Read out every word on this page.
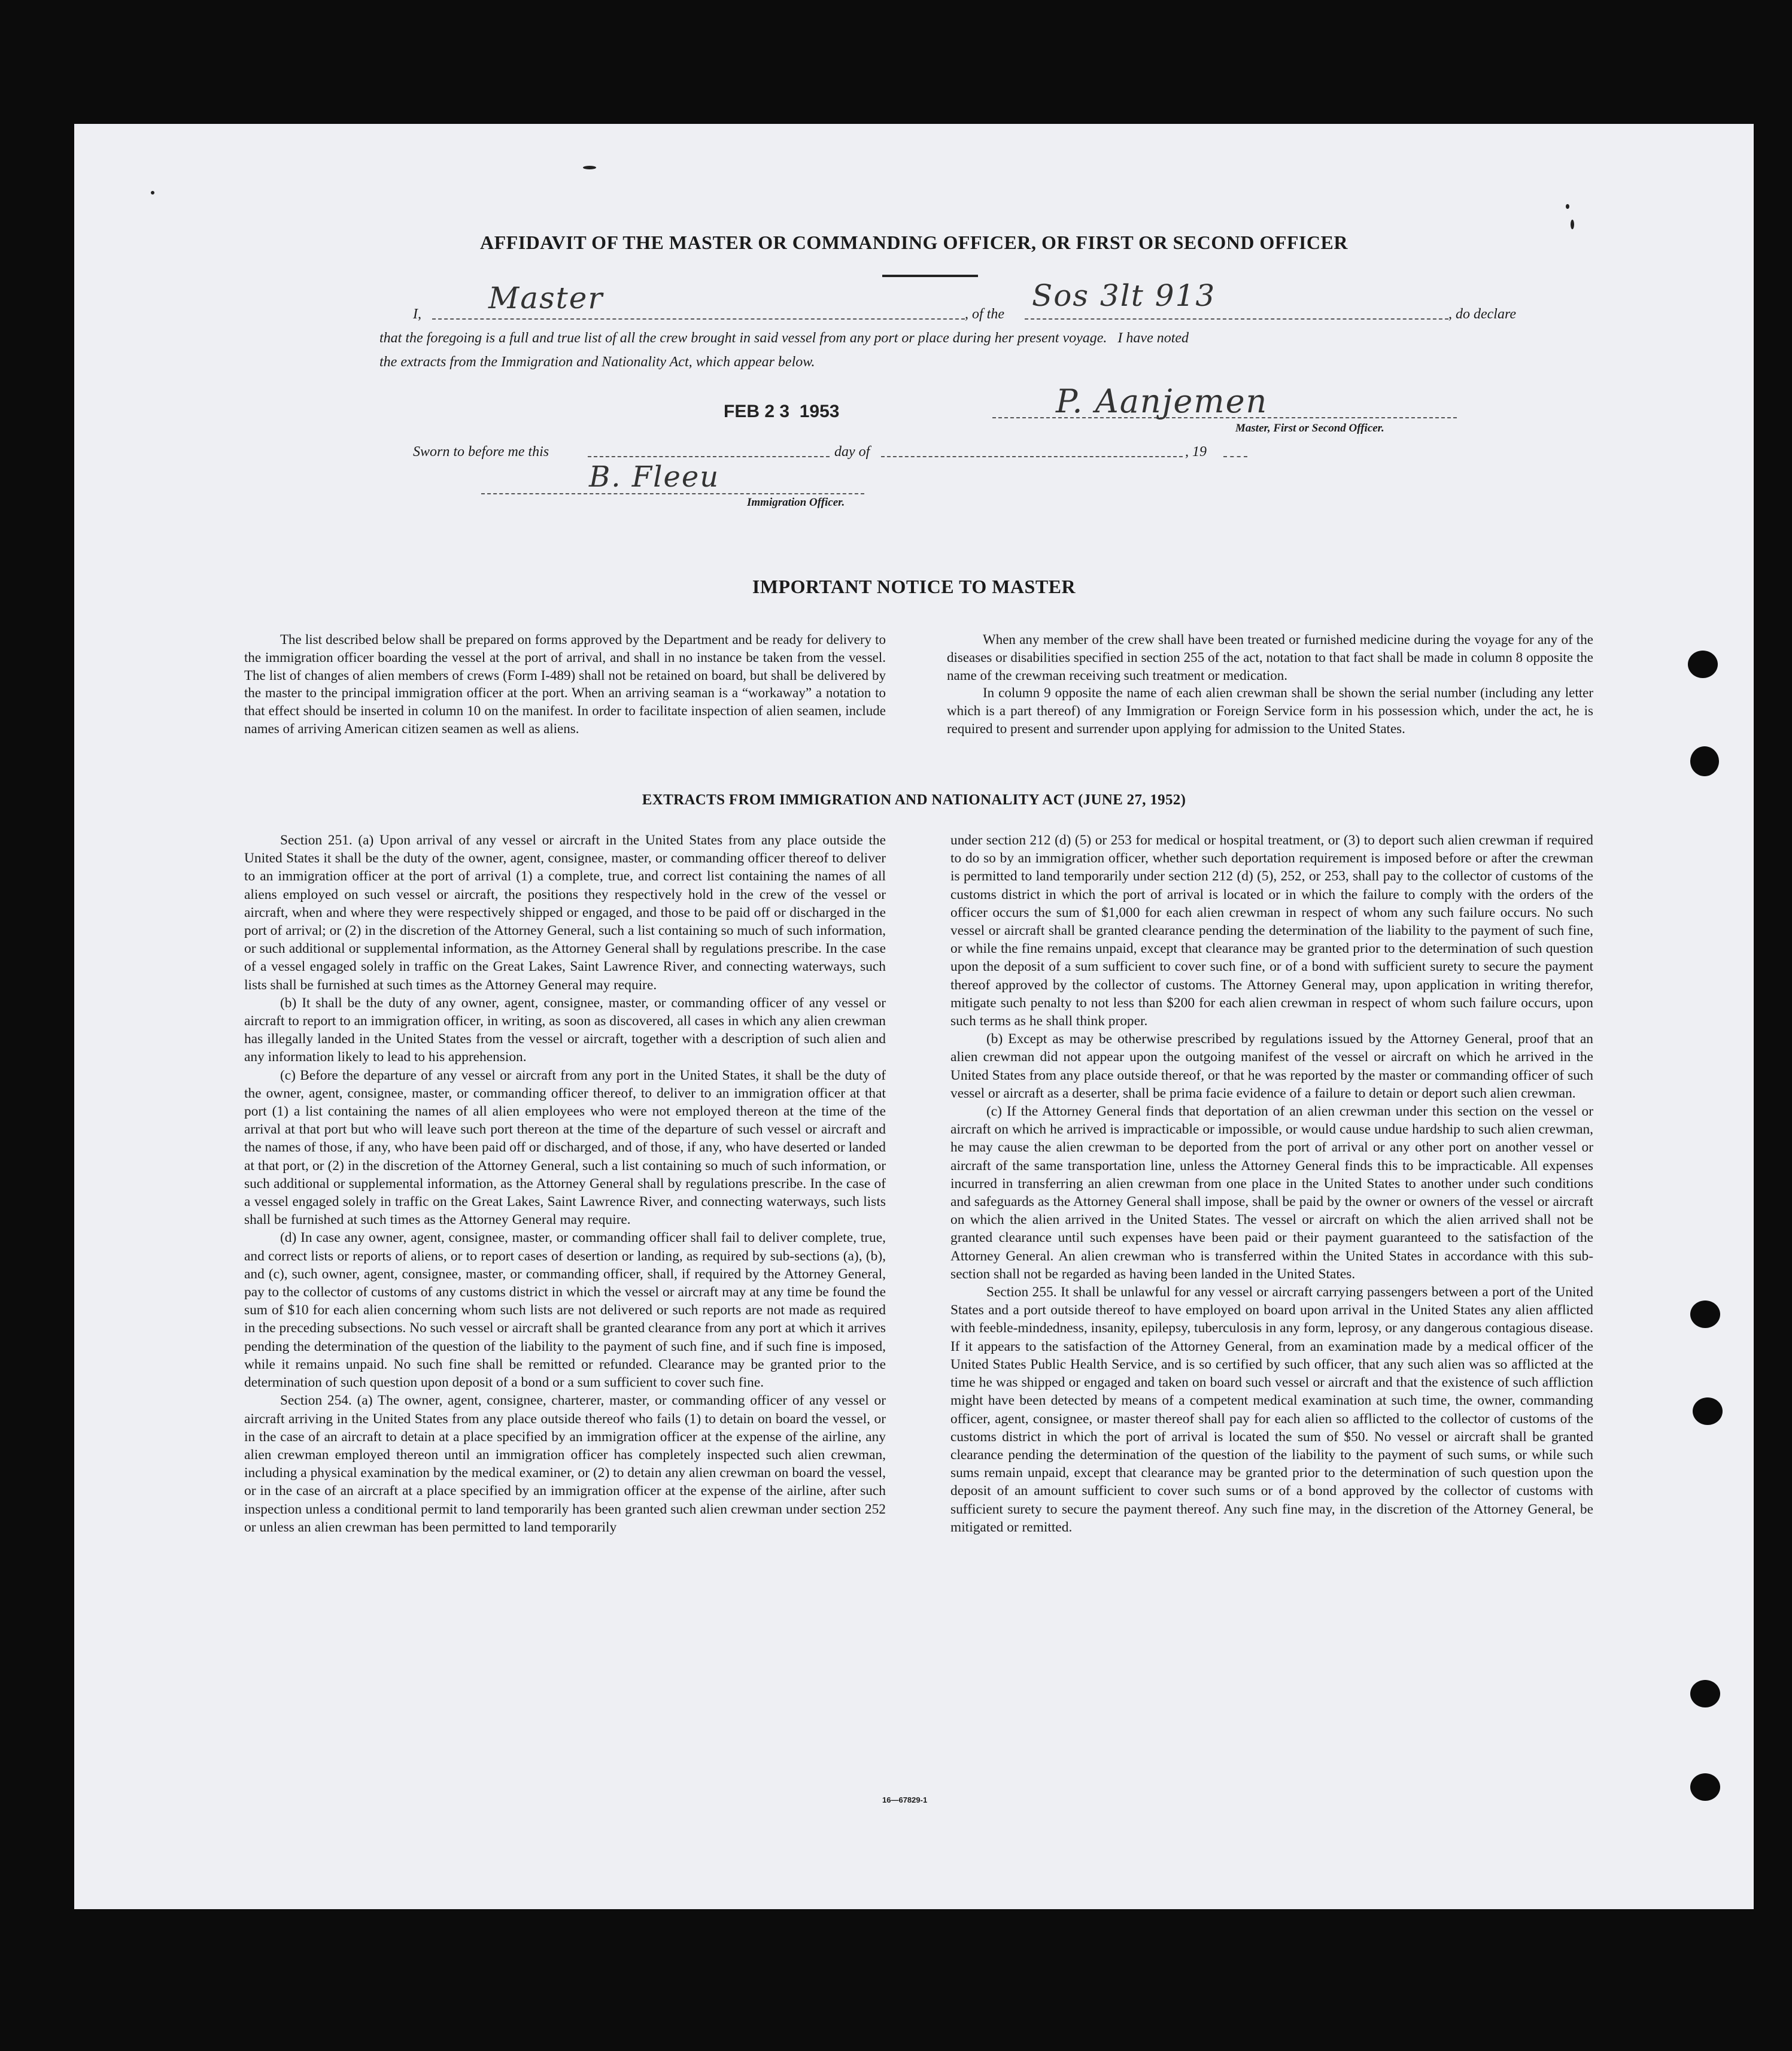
AFFIDAVIT OF THE MASTER OR COMMANDING OFFICER, OR FIRST OR SECOND OFFICER
I, Master	, of the
Sos 3lt 913
, do declare
that the foregoing is a full and true list of all the crew brought in said vessel from any port or place during her present voyage.   I have noted
the extracts from the Immigration and Nationality Act, which appear below.
FEB 2 3  1953	P. Aanjemen
Master, First or Second Officer.
Sworn to before me this	day of	, 19
B. Fleeu
Immigration Officer.
IMPORTANT NOTICE TO MASTER

The list described below shall be prepared on forms approved by the Department and be ready for delivery to the immigration officer boarding the vessel at the port of arrival, and shall in no instance be taken from the vessel. The list of changes of alien members of crews (Form I-489) shall not be retained on board, but shall be delivered by the master to the principal immigration officer at the port. When an arriving seaman is a “workaway” a notation to that effect should be inserted in column 10 on the manifest. In order to facilitate inspection of alien seamen, include names of arriving American citizen seamen as well as aliens.

When any member of the crew shall have been treated or furnished medicine during the voyage for any of the diseases or disabilities specified in section 255 of the act, notation to that fact shall be made in column 8 opposite the name of the crewman receiving such treatment or medication.

In column 9 opposite the name of each alien crewman shall be shown the serial number (including any letter which is a part thereof) of any Immigration or Foreign Service form in his possession which, under the act, he is required to present and surrender upon applying for admission to the United States.

EXTRACTS FROM IMMIGRATION AND NATIONALITY ACT (JUNE 27, 1952)

Section 251. (a) Upon arrival of any vessel or aircraft in the United States from any place outside the United States it shall be the duty of the owner, agent, consignee, master, or commanding officer thereof to deliver to an immigration officer at the port of arrival (1) a complete, true, and correct list containing the names of all aliens employed on such vessel or aircraft, the positions they respectively hold in the crew of the vessel or aircraft, when and where they were respectively shipped or engaged, and those to be paid off or discharged in the port of arrival; or (2) in the discretion of the Attorney General, such a list containing so much of such information, or such additional or supplemental information, as the Attorney General shall by regulations prescribe. In the case of a vessel engaged solely in traffic on the Great Lakes, Saint Lawrence River, and connecting waterways, such lists shall be furnished at such times as the Attorney General may require.

(b) It shall be the duty of any owner, agent, consignee, master, or commanding officer of any vessel or aircraft to report to an immigration officer, in writing, as soon as discovered, all cases in which any alien crewman has illegally landed in the United States from the vessel or aircraft, together with a description of such alien and any information likely to lead to his apprehension.

(c) Before the departure of any vessel or aircraft from any port in the United States, it shall be the duty of the owner, agent, consignee, master, or commanding officer thereof, to deliver to an immigration officer at that port (1) a list containing the names of all alien employees who were not employed thereon at the time of the arrival at that port but who will leave such port thereon at the time of the departure of such vessel or aircraft and the names of those, if any, who have been paid off or discharged, and of those, if any, who have deserted or landed at that port, or (2) in the discretion of the Attorney General, such a list containing so much of such information, or such additional or supplemental information, as the Attorney General shall by regulations prescribe. In the case of a vessel engaged solely in traffic on the Great Lakes, Saint Lawrence River, and connecting waterways, such lists shall be furnished at such times as the Attorney General may require.

(d) In case any owner, agent, consignee, master, or commanding officer shall fail to deliver complete, true, and correct lists or reports of aliens, or to report cases of desertion or landing, as required by sub-sections (a), (b), and (c), such owner, agent, consignee, master, or commanding officer, shall, if required by the Attorney General, pay to the collector of customs of any customs district in which the vessel or aircraft may at any time be found the sum of $10 for each alien concerning whom such lists are not delivered or such reports are not made as required in the preceding subsections. No such vessel or aircraft shall be granted clearance from any port at which it arrives pending the determination of the question of the liability to the payment of such fine, and if such fine is imposed, while it remains unpaid. No such fine shall be remitted or refunded. Clearance may be granted prior to the determination of such question upon deposit of a bond or a sum sufficient to cover such fine.

Section 254. (a) The owner, agent, consignee, charterer, master, or commanding officer of any vessel or aircraft arriving in the United States from any place outside thereof who fails (1) to detain on board the vessel, or in the case of an aircraft to detain at a place specified by an immigration officer at the expense of the airline, any alien crewman employed thereon until an immigration officer has completely inspected such alien crewman, including a physical examination by the medical examiner, or (2) to detain any alien crewman on board the vessel, or in the case of an aircraft at a place specified by an immigration officer at the expense of the airline, after such inspection unless a conditional permit to land temporarily has been granted such alien crewman under section 252 or unless an alien crewman has been permitted to land temporarily

under section 212 (d) (5) or 253 for medical or hospital treatment, or (3) to deport such alien crewman if required to do so by an immigration officer, whether such deportation requirement is imposed before or after the crewman is permitted to land temporarily under section 212 (d) (5), 252, or 253, shall pay to the collector of customs of the customs district in which the port of arrival is located or in which the failure to comply with the orders of the officer occurs the sum of $1,000 for each alien crewman in respect of whom any such failure occurs. No such vessel or aircraft shall be granted clearance pending the determination of the liability to the payment of such fine, or while the fine remains unpaid, except that clearance may be granted prior to the determination of such question upon the deposit of a sum sufficient to cover such fine, or of a bond with sufficient surety to secure the payment thereof approved by the collector of customs. The Attorney General may, upon application in writing therefor, mitigate such penalty to not less than $200 for each alien crewman in respect of whom such failure occurs, upon such terms as he shall think proper.

(b) Except as may be otherwise prescribed by regulations issued by the Attorney General, proof that an alien crewman did not appear upon the outgoing manifest of the vessel or aircraft on which he arrived in the United States from any place outside thereof, or that he was reported by the master or commanding officer of such vessel or aircraft as a deserter, shall be prima facie evidence of a failure to detain or deport such alien crewman.

(c) If the Attorney General finds that deportation of an alien crewman under this section on the vessel or aircraft on which he arrived is impracticable or impossible, or would cause undue hardship to such alien crewman, he may cause the alien crewman to be deported from the port of arrival or any other port on another vessel or aircraft of the same transportation line, unless the Attorney General finds this to be impracticable. All expenses incurred in transferring an alien crewman from one place in the United States to another under such conditions and safeguards as the Attorney General shall impose, shall be paid by the owner or owners of the vessel or aircraft on which the alien arrived in the United States. The vessel or aircraft on which the alien arrived shall not be granted clearance until such expenses have been paid or their payment guaranteed to the satisfaction of the Attorney General. An alien crewman who is transferred within the United States in accordance with this sub-section shall not be regarded as having been landed in the United States.

Section 255. It shall be unlawful for any vessel or aircraft carrying passengers between a port of the United States and a port outside thereof to have employed on board upon arrival in the United States any alien afflicted with feeble-mindedness, insanity, epilepsy, tuberculosis in any form, leprosy, or any dangerous contagious disease. If it appears to the satisfaction of the Attorney General, from an examination made by a medical officer of the United States Public Health Service, and is so certified by such officer, that any such alien was so afflicted at the time he was shipped or engaged and taken on board such vessel or aircraft and that the existence of such affliction might have been detected by means of a competent medical examination at such time, the owner, commanding officer, agent, consignee, or master thereof shall pay for each alien so afflicted to the collector of customs of the customs district in which the port of arrival is located the sum of $50. No vessel or aircraft shall be granted clearance pending the determination of the question of the liability to the payment of such sums, or while such sums remain unpaid, except that clearance may be granted prior to the determination of such question upon the deposit of an amount sufficient to cover such sums or of a bond approved by the collector of customs with sufficient surety to secure the payment thereof. Any such fine may, in the discretion of the Attorney General, be mitigated or remitted.

16—67829-1
